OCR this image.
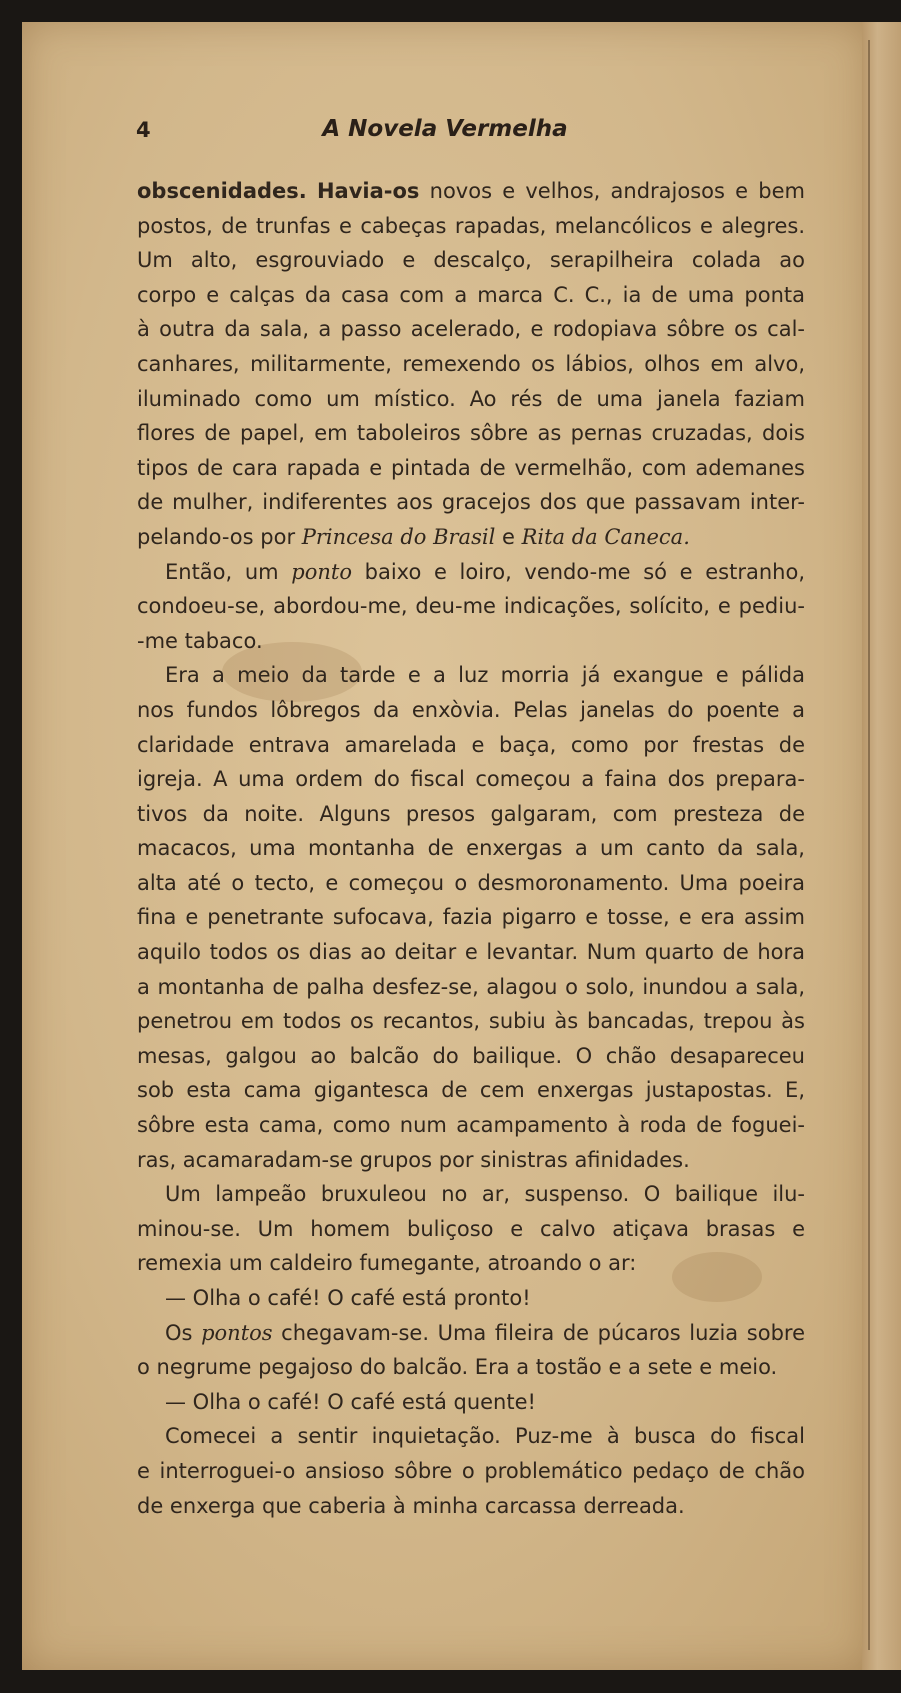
4	A Novela Vermelha
obscenidades. Havia-os novos e velhos, andrajosos e bem
postos, de trunfas e cabeças rapadas, melancólicos e alegres.
Um alto, esgrouviado e descalço, serapilheira colada ao
corpo e calças da casa com a marca C. C., ia de uma ponta
à outra da sala, a passo acelerado, e rodopiava sôbre os cal-
canhares, militarmente, remexendo os lábios, olhos em alvo,
iluminado como um místico. Ao rés de uma janela faziam
flores de papel, em taboleiros sôbre as pernas cruzadas, dois
tipos de cara rapada e pintada de vermelhão, com ademanes
de mulher, indiferentes aos gracejos dos que passavam inter-
pelando-os por Princesa do Brasil e Rita da Caneca.
Então, um ponto baixo e loiro, vendo-me só e estranho,
condoeu-se, abordou-me, deu-me indicações, solícito, e pediu-
-me tabaco.
Era a meio da tarde e a luz morria já exangue e pálida
nos fundos lôbregos da enxòvia. Pelas janelas do poente a
claridade entrava amarelada e baça, como por frestas de
igreja. A uma ordem do fiscal começou a faina dos prepara-
tivos da noite. Alguns presos galgaram, com presteza de
macacos, uma montanha de enxergas a um canto da sala,
alta até o tecto, e começou o desmoronamento. Uma poeira
fina e penetrante sufocava, fazia pigarro e tosse, e era assim
aquilo todos os dias ao deitar e levantar. Num quarto de hora
a montanha de palha desfez-se, alagou o solo, inundou a sala,
penetrou em todos os recantos, subiu às bancadas, trepou às
mesas, galgou ao balcão do bailique. O chão desapareceu
sob esta cama gigantesca de cem enxergas justapostas. E,
sôbre esta cama, como num acampamento à roda de foguei-
ras, acamaradam-se grupos por sinistras afinidades.
Um lampeão bruxuleou no ar, suspenso. O bailique ilu-
minou-se. Um homem buliçoso e calvo atiçava brasas e
remexia um caldeiro fumegante, atroando o ar:
— Olha o café! O café está pronto!
Os pontos chegavam-se. Uma fileira de púcaros luzia sobre
o negrume pegajoso do balcão. Era a tostão e a sete e meio.
— Olha o café! O café está quente!
Comecei a sentir inquietação. Puz-me à busca do fiscal
e interroguei-o ansioso sôbre o problemático pedaço de chão
de enxerga que caberia à minha carcassa derreada.
